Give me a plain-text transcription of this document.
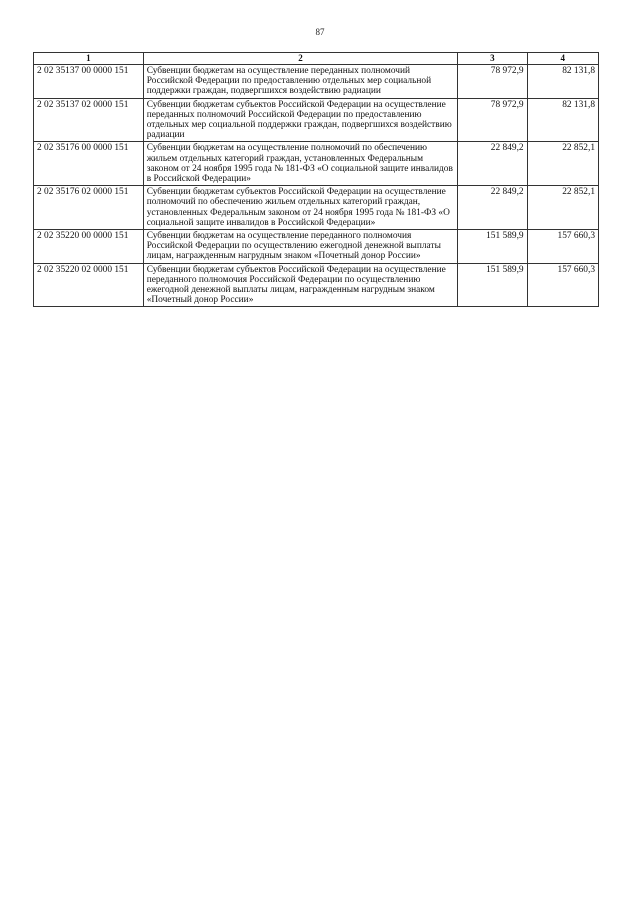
87
1	2	3	4
2 02 35137 00 0000 151	Субвенции бюджетам на осуществление переданных полномочий Российской Федерации по предоставлению отдельных мер социальной поддержки граждан, подвергшихся воздействию радиации	78 972,9	82 131,8
2 02 35137 02 0000 151	Субвенции бюджетам субъектов Российской Федерации на осуществление переданных полномочий Российской Федерации по предоставлению отдельных мер социальной поддержки граждан, подвергшихся воздействию радиации	78 972,9	82 131,8
2 02 35176 00 0000 151	Субвенции бюджетам на осуществление полномочий по обеспечению жильем отдельных категорий граждан, установленных Федеральным законом от 24 ноября 1995 года № 181-ФЗ «О социальной защите инвалидов в Российской Федерации»	22 849,2	22 852,1
2 02 35176 02 0000 151	Субвенции бюджетам субъектов Российской Федерации на осуществление полномочий по обеспечению жильем отдельных категорий граждан, установленных Федеральным законом от 24 ноября 1995 года № 181-ФЗ «О социальной защите инвалидов в Российской Федерации»	22 849,2	22 852,1
2 02 35220 00 0000 151	Субвенции бюджетам на осуществление переданного полномочия Российской Федерации по осуществлению ежегодной денежной выплаты лицам, награжденным нагрудным знаком «Почетный донор России»	151 589,9	157 660,3
2 02 35220 02 0000 151	Субвенции бюджетам субъектов Российской Федерации на осуществление переданного полномочия Российской Федерации по осуществлению ежегодной денежной выплаты лицам, награжденным нагрудным знаком «Почетный донор России»	151 589,9	157 660,3
